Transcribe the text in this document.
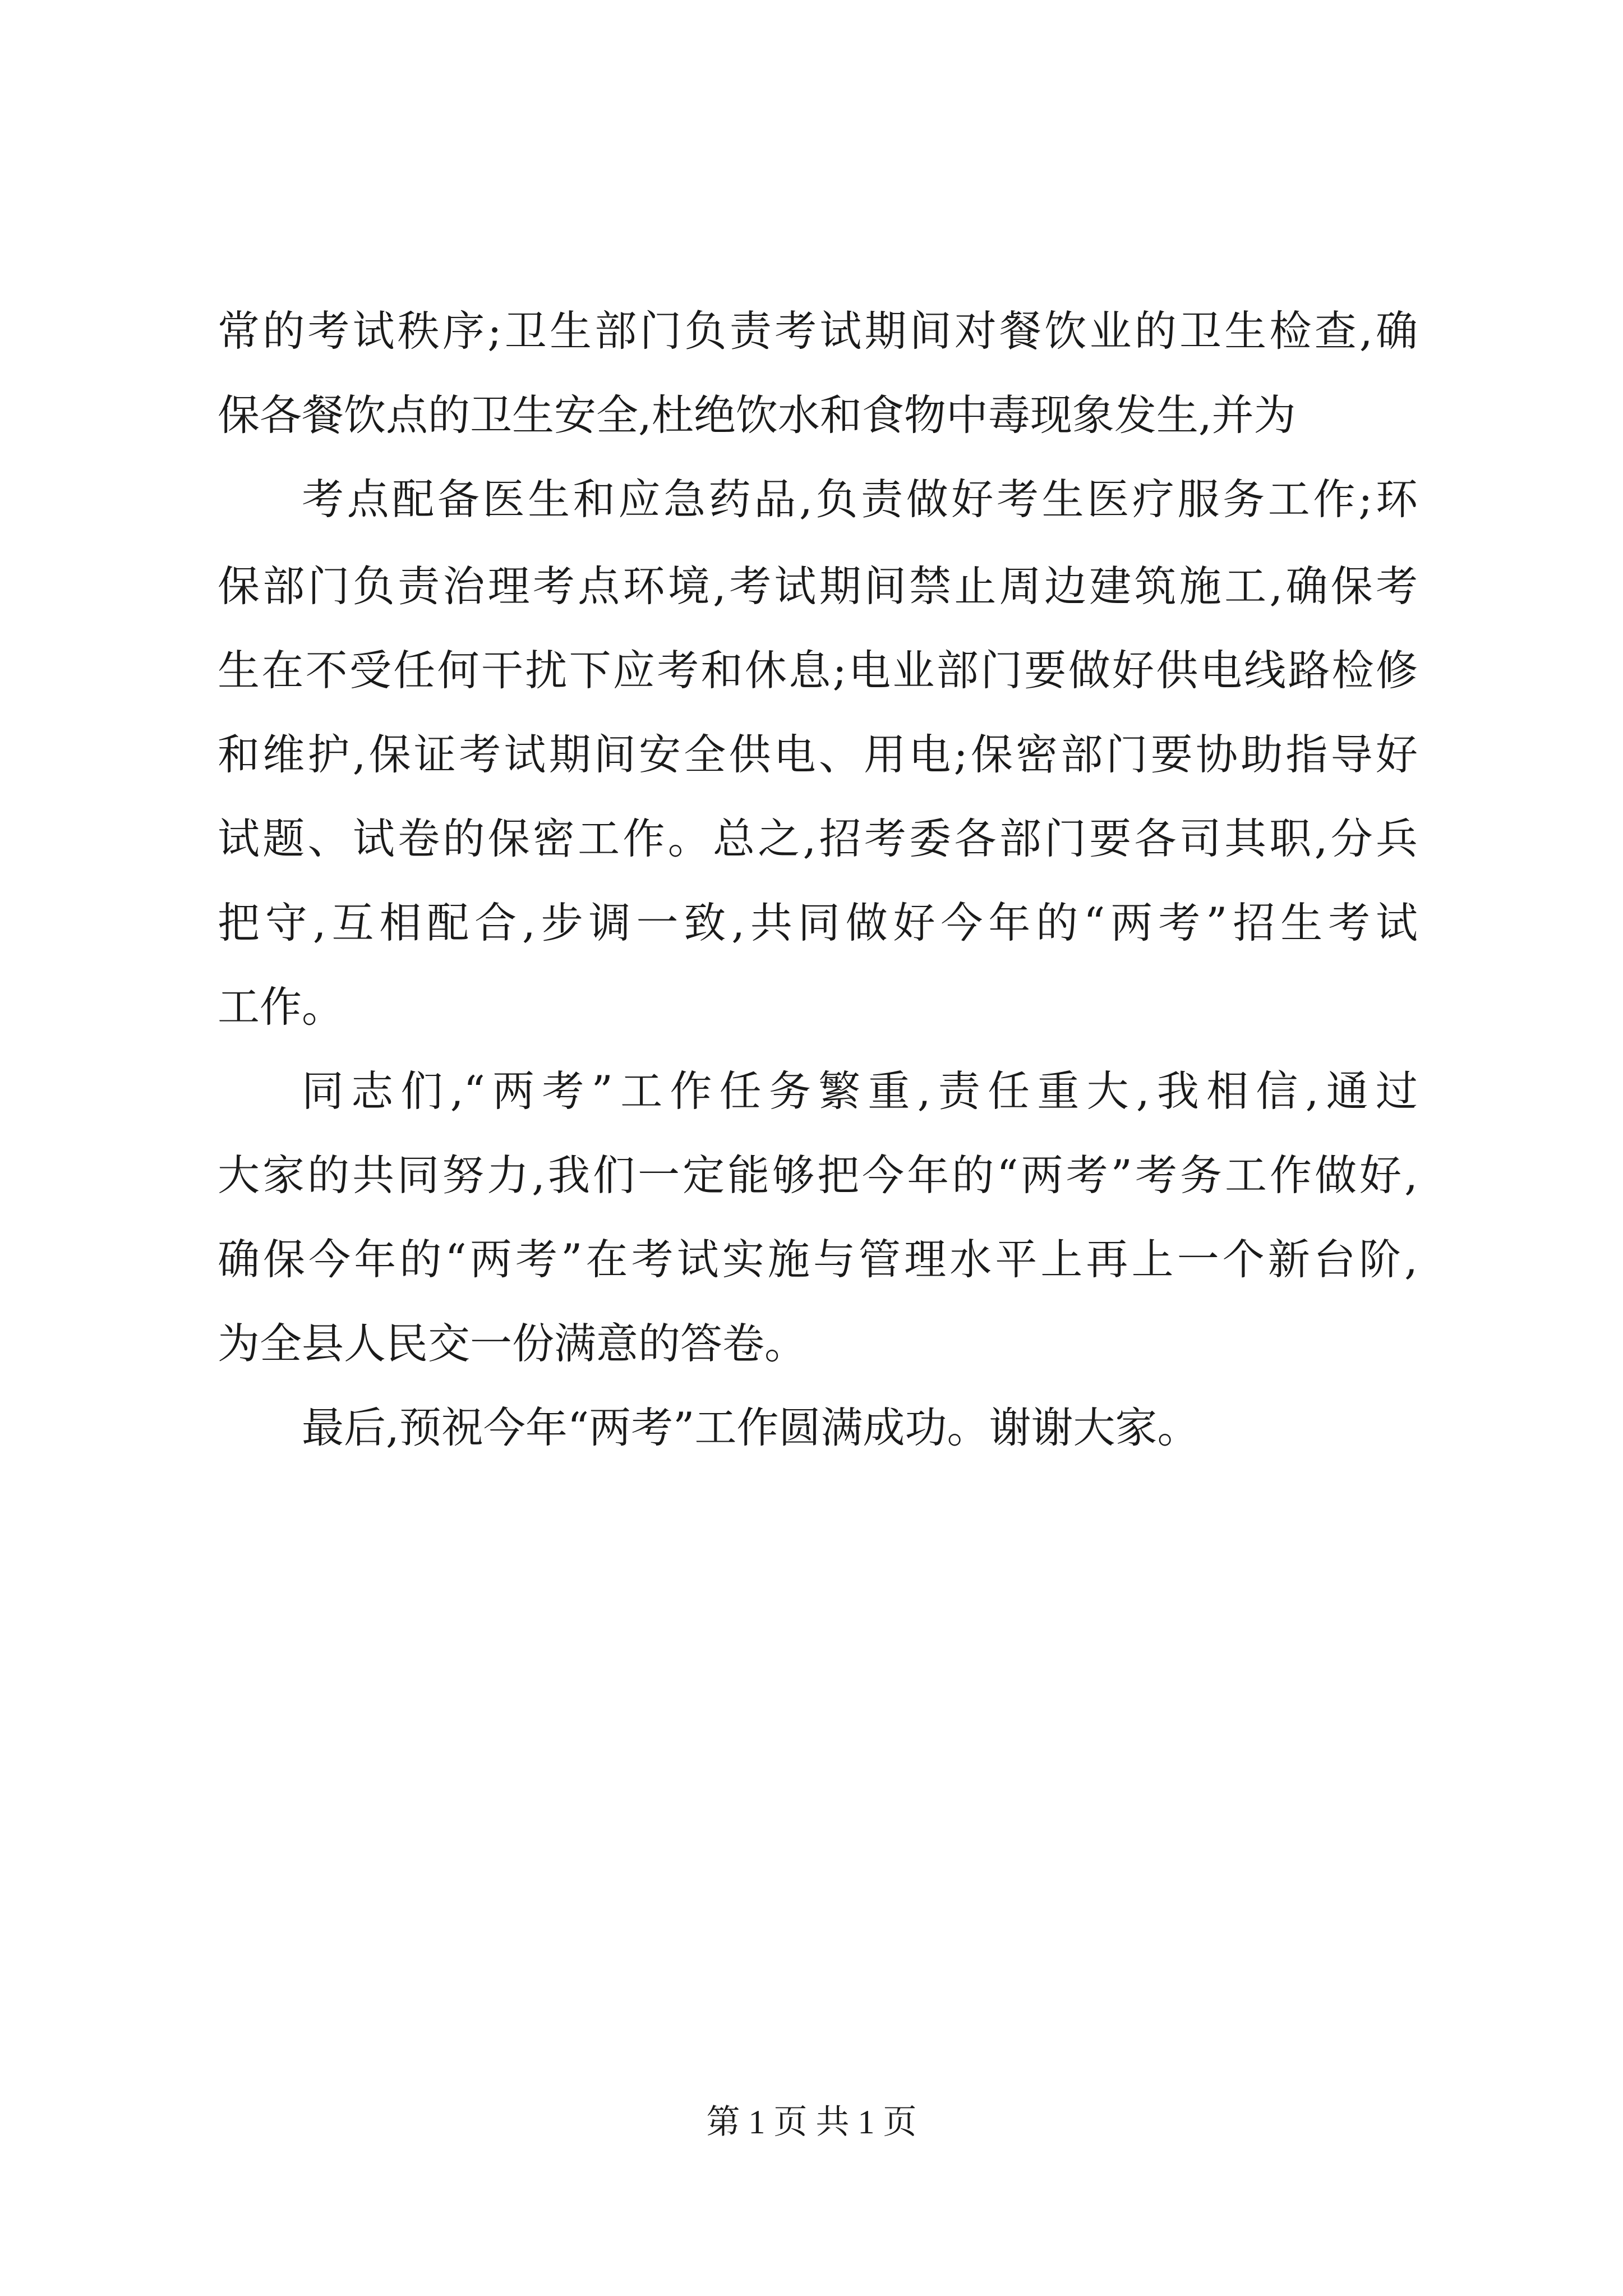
常的考试秩序;卫生部门负责考试期间对餐饮业的卫生检查,确
保各餐饮点的卫生安全,杜绝饮水和食物中毒现象发生,并为
考点配备医生和应急药品,负责做好考生医疗服务工作;环
保部门负责治理考点环境,考试期间禁止周边建筑施工,确保考
生在不受任何干扰下应考和休息;电业部门要做好供电线路检修
和维护,保证考试期间安全供电、用电;保密部门要协助指导好
试题、试卷的保密工作。总之,招考委各部门要各司其职,分兵
把守,互相配合,步调一致,共同做好今年的“两考”招生考试
工作。
同志们,“两考”工作任务繁重,责任重大,我相信,通过
大家的共同努力,我们一定能够把今年的“两考”考务工作做好,
确保今年的“两考”在考试实施与管理水平上再上一个新台阶,
为全县人民交一份满意的答卷。
最后,预祝今年“两考”工作圆满成功。谢谢大家。
第 1 页 共 1 页
